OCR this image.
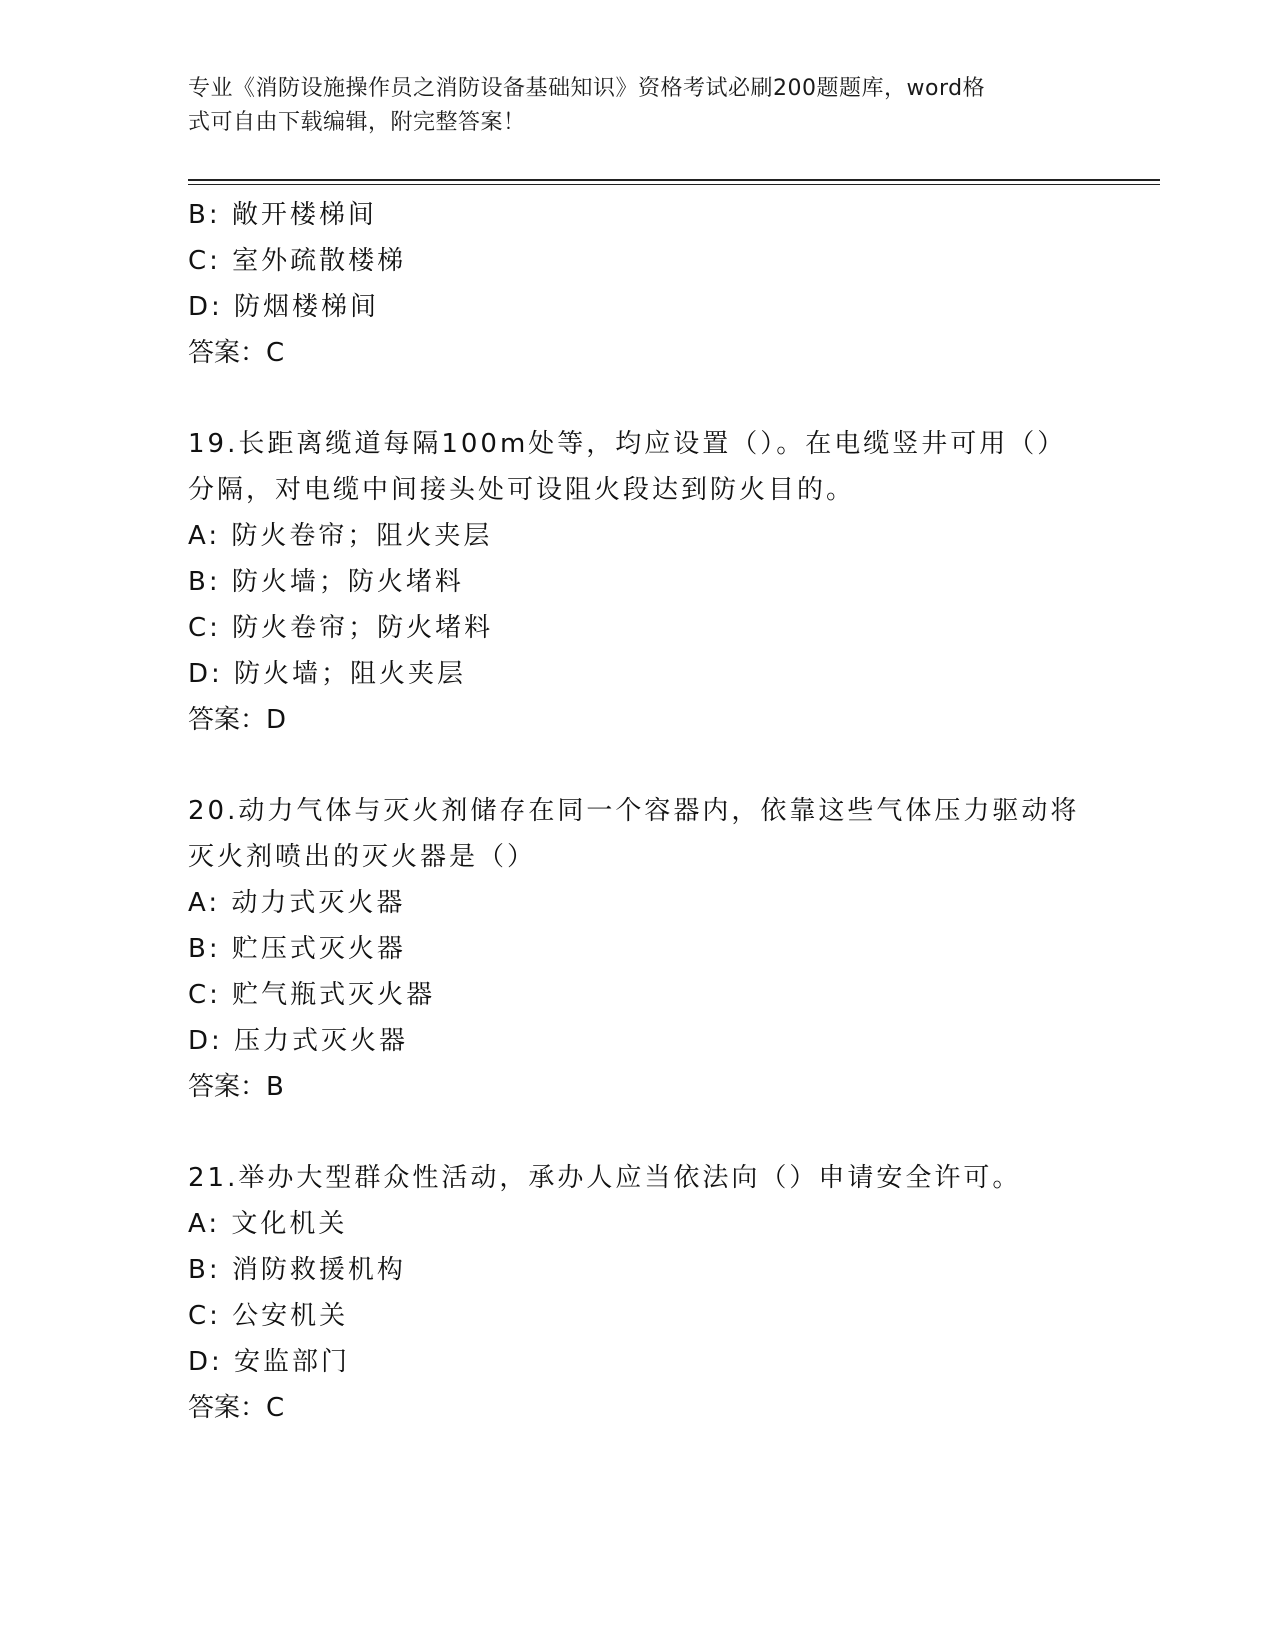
专业《消防设施操作员之消防设备基础知识》资格考试必刷200题题库，word格
式可自由下载编辑，附完整答案！
B: 敞开楼梯间
C: 室外疏散楼梯
D: 防烟楼梯间
答案：C
19.长距离缆道每隔100m处等，均应设置（）。在电缆竖井可用（）
分隔，对电缆中间接头处可设阻火段达到防火目的。
A: 防火卷帘；阻火夹层
B: 防火墙；防火堵料
C: 防火卷帘；防火堵料
D: 防火墙；阻火夹层
答案：D
20.动力气体与灭火剂储存在同一个容器内，依靠这些气体压力驱动将
灭火剂喷出的灭火器是（）
A: 动力式灭火器
B: 贮压式灭火器
C: 贮气瓶式灭火器
D: 压力式灭火器
答案：B
21.举办大型群众性活动，承办人应当依法向（）申请安全许可。
A: 文化机关
B: 消防救援机构
C: 公安机关
D: 安监部门
答案：C
